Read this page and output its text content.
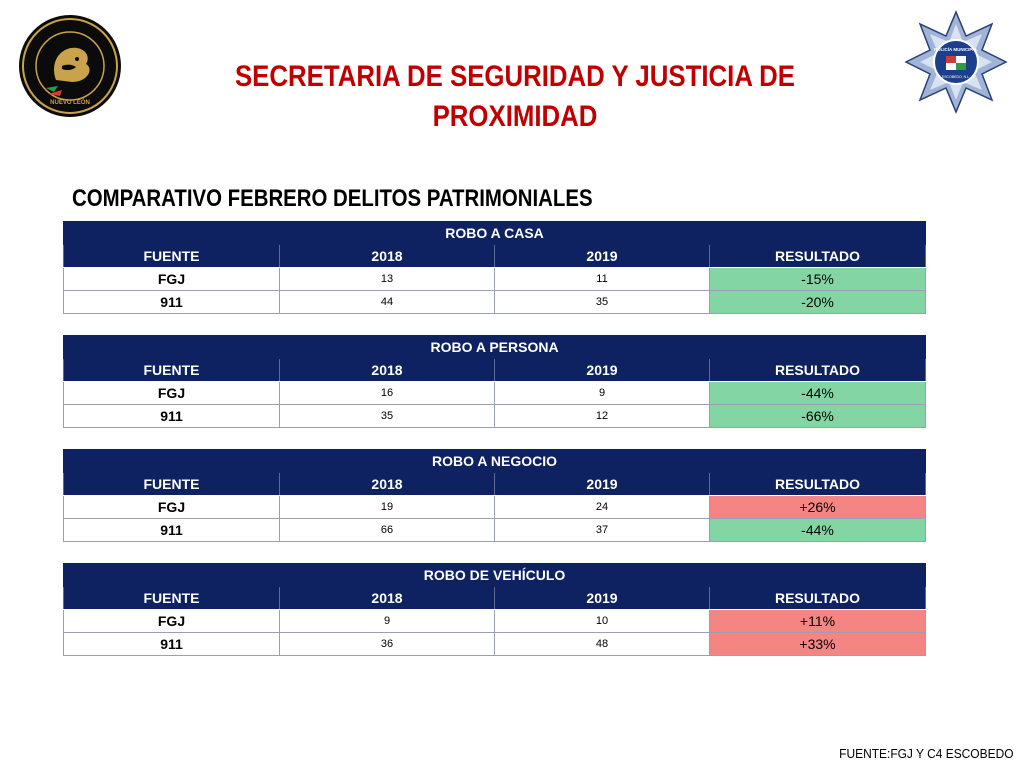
NUEVO LEÓN
POLICÍA MUNICIPAL
ESCOBEDO, N.L.
SECRETARIA DE SEGURIDAD Y JUSTICIA DE PROXIMIDAD
COMPARATIVO FEBRERO DELITOS PATRIMONIALES
ROBO A CASA			
FUENTE	2018	2019	RESULTADO
FGJ	13	11	-15%
911	44	35	-20%
ROBO A PERSONA			
FUENTE	2018	2019	RESULTADO
FGJ	16	9	-44%
911	35	12	-66%
ROBO A NEGOCIO			
FUENTE	2018	2019	RESULTADO
FGJ	19	24	+26%
911	66	37	-44%
ROBO DE VEHÍCULO			
FUENTE	2018	2019	RESULTADO
FGJ	9	10	+11%
911	36	48	+33%
FUENTE:FGJ Y C4 ESCOBEDO
